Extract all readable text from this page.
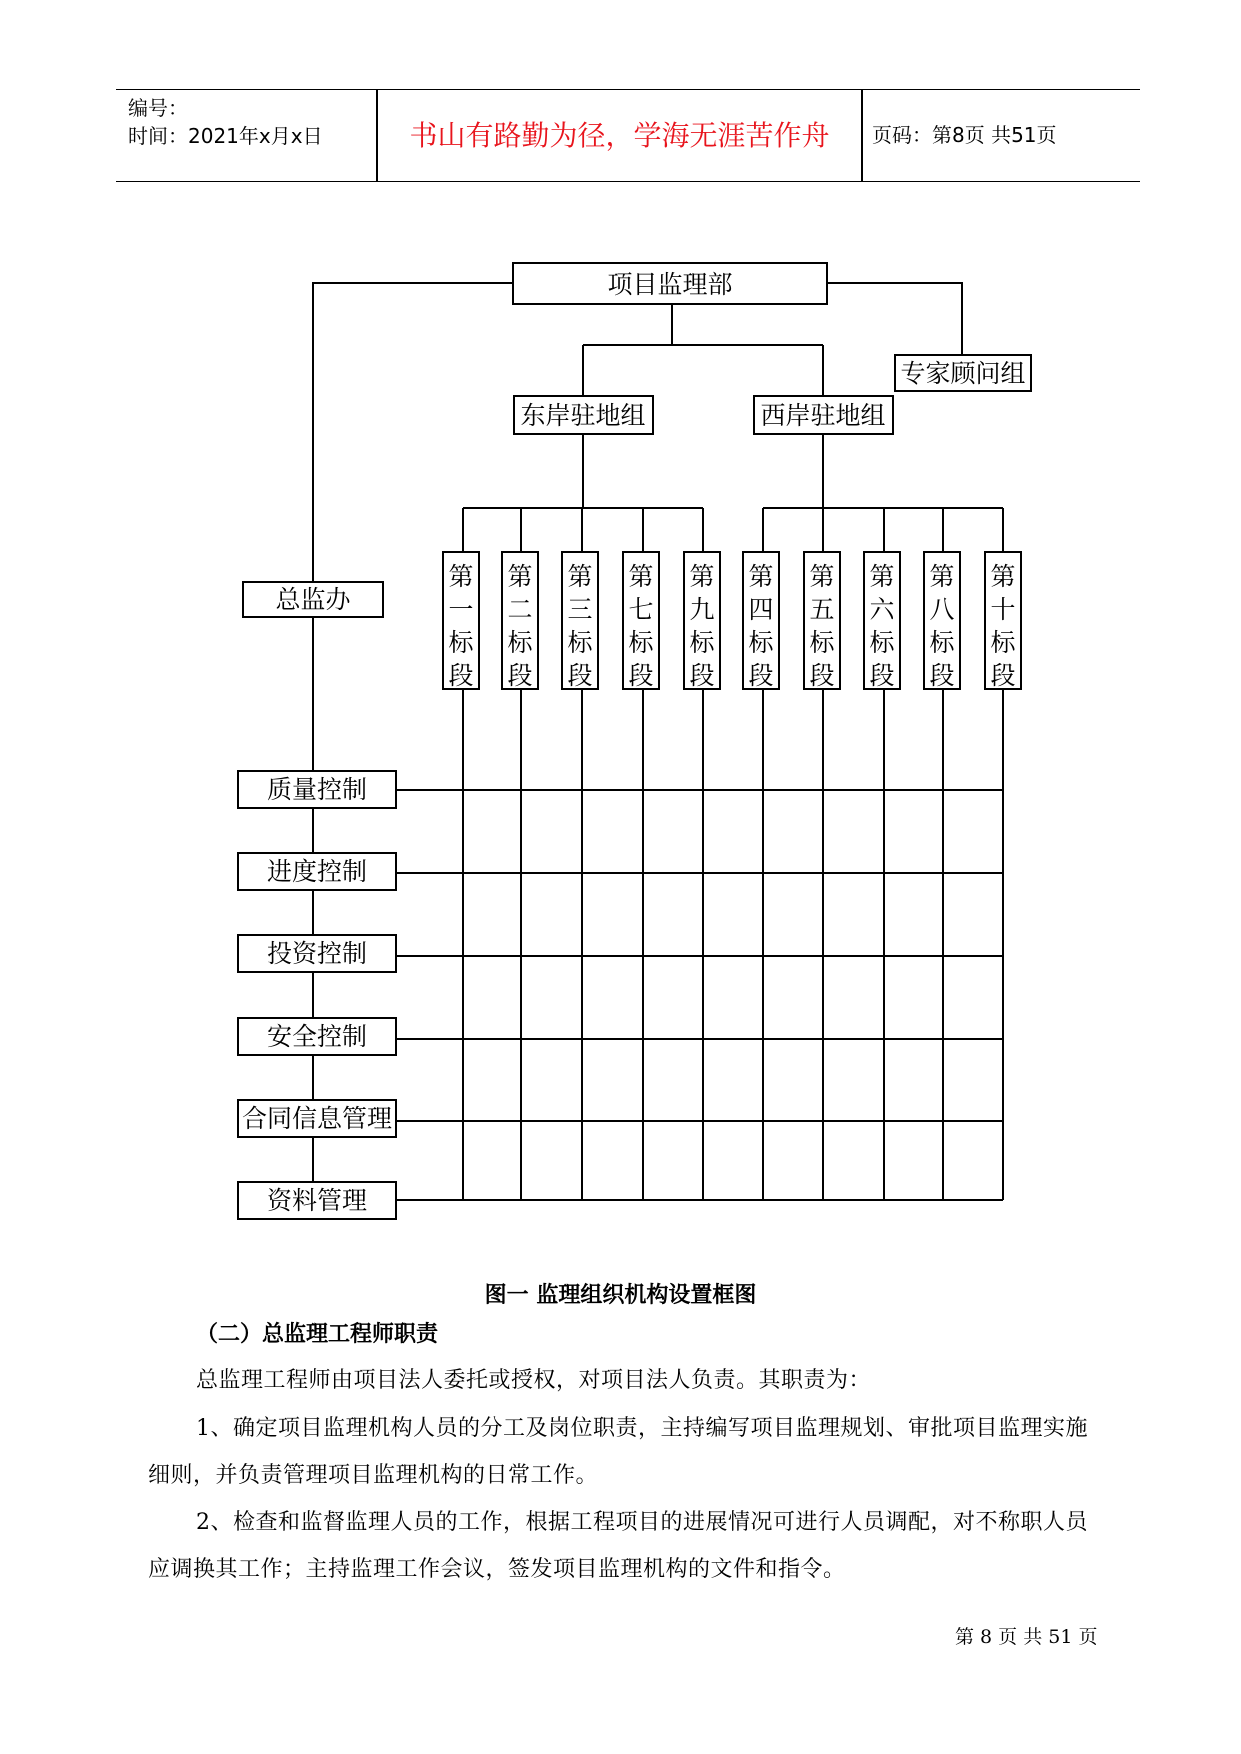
编号：
时间：2021年x月x日	书山有路勤为径，学海无涯苦作舟	页码：第8页 共51页
项目监理部
专家顾问组
东岸驻地组	西岸驻地组
总监办
质量控制
进度控制
投资控制
安全控制
合同信息管理
资料管理
第一标段
第二标段
第三标段
第七标段
第九标段
第四标段
第五标段
第六标段
第八标段
第十标段
图一 监理组织机构设置框图
（二）总监理工程师职责
总监理工程师由项目法人委托或授权，对项目法人负责。其职责为：
1、确定项目监理机构人员的分工及岗位职责，主持编写项目监理规划、审批项目监理实施细则，并负责管理项目监理机构的日常工作。
2、检查和监督监理人员的工作，根据工程项目的进展情况可进行人员调配，对不称职人员应调换其工作；主持监理工作会议，签发项目监理机构的文件和指令。
第 8 页 共 51 页
